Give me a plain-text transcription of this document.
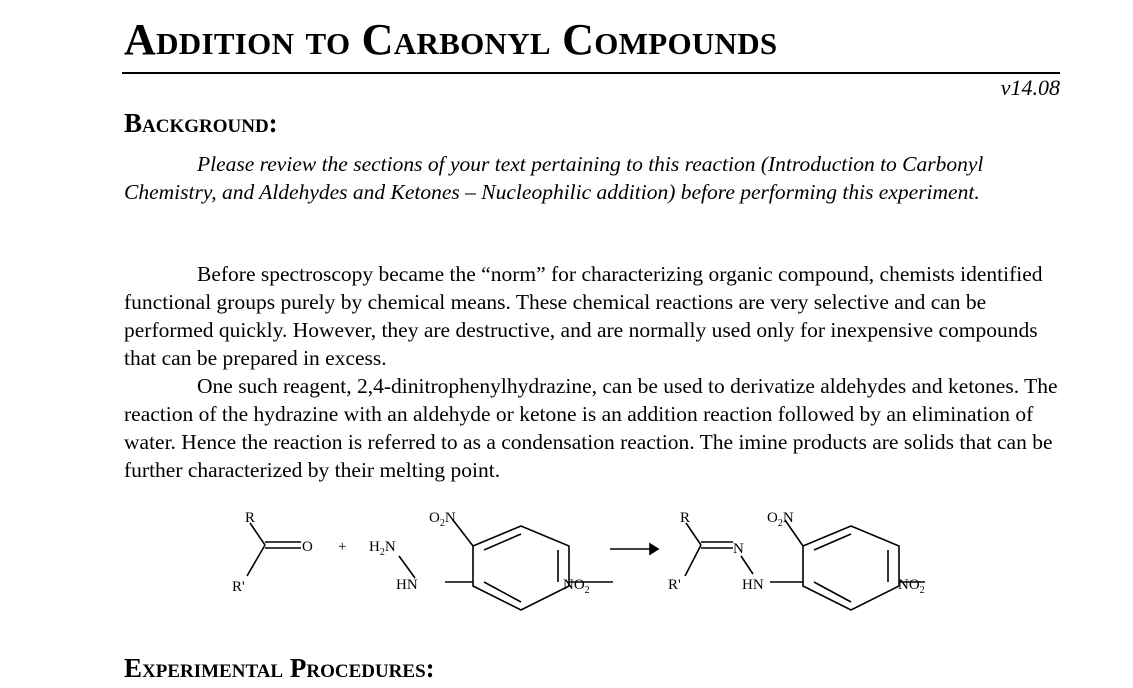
Addition to Carbonyl Compounds
v14.08
Background:

Please review the sections of your text pertaining to this reaction (Introduction to Carbonyl Chemistry, and Aldehydes and Ketones – Nucleophilic addition) before performing this experiment.

Before spectroscopy became the “norm” for characterizing organic compound, chemists identified functional groups purely by chemical means. These chemical reactions are very selective and can be performed quickly. However, they are destructive, and are normally used only for inexpensive compounds that can be prepared in excess.

One such reagent, 2,4-dinitrophenylhydrazine, can be used to derivatize aldehydes and ketones. The reaction of the hydrazine with an aldehyde or ketone is an addition reaction followed by an elimination of water. Hence the reaction is referred to as a condensation reaction. The imine products are solids that can be further characterized by their melting point.

R
R'
$O + H_2N$
HN
$O_2N$
$NO_2$
R
R'
N
HN
$O_2N$
$NO_2$
Experimental Procedures:
